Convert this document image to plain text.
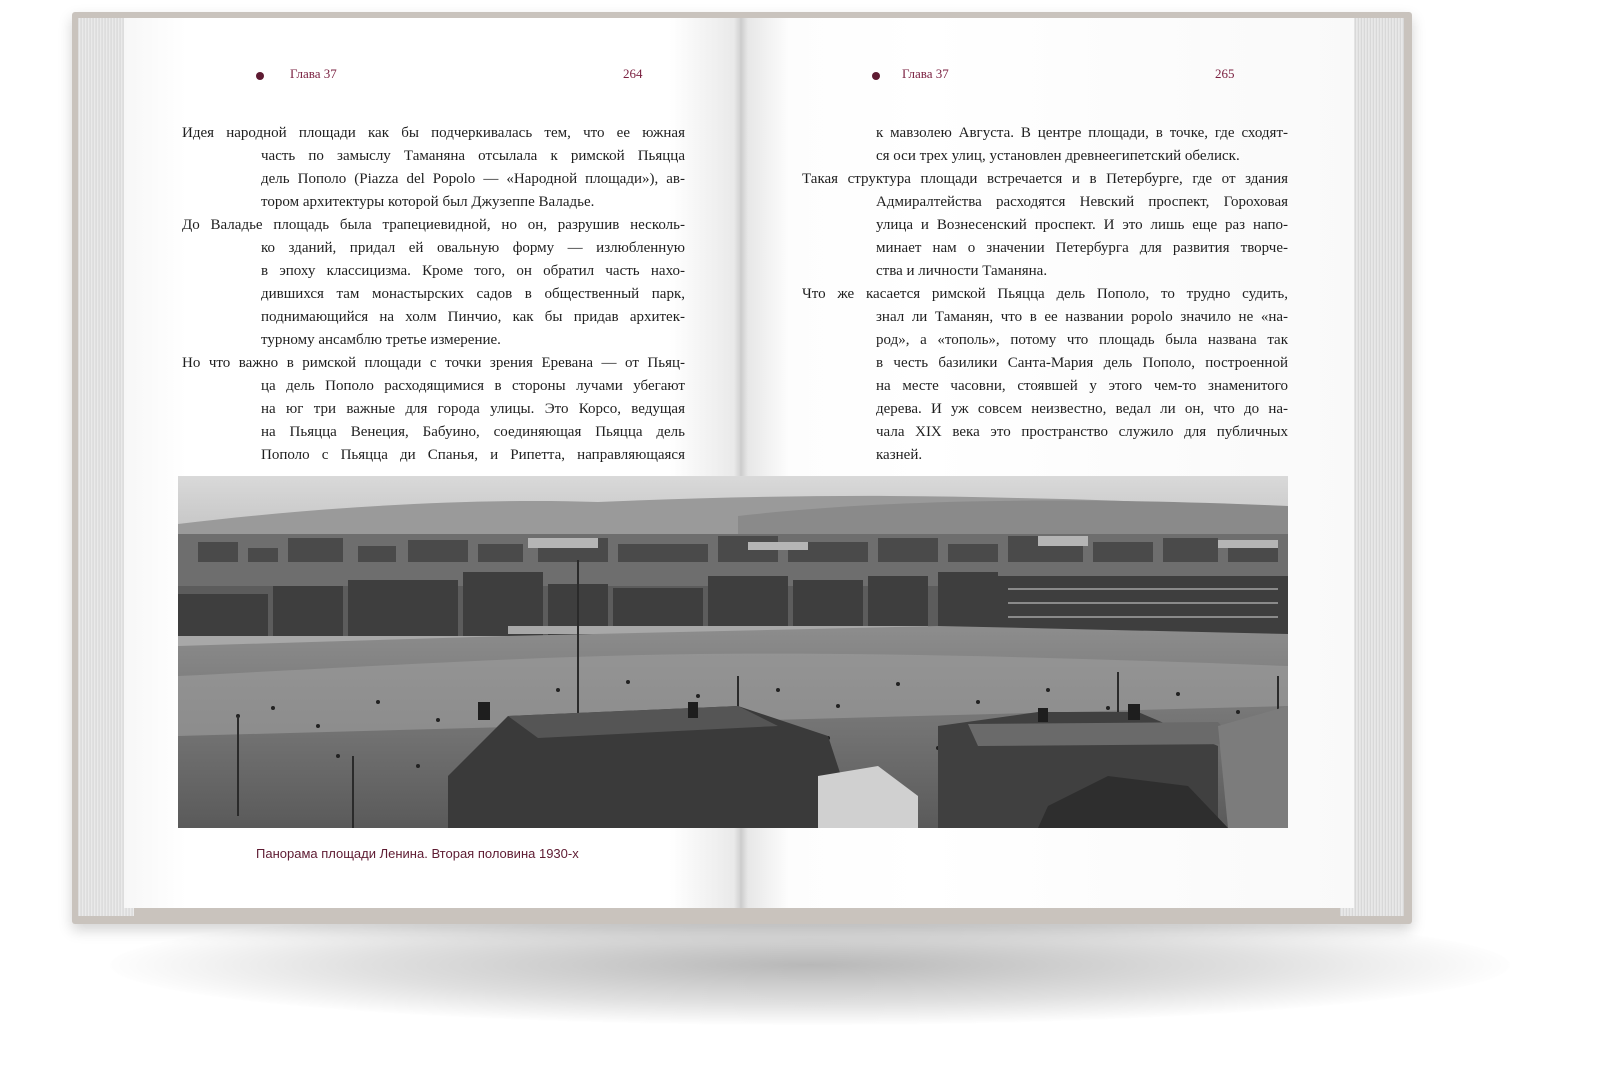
Глава 37	264
Идея народной площади как бы подчеркивалась тем, что ее южная
часть по замыслу Таманяна отсылала к римской Пьяцца
дель Пополо (Piazza del Popolo — «Народной площади»), ав-
тором архитектуры которой был Джузеппе Валадье.
До Валадье площадь была трапециевидной, но он, разрушив несколь-
ко зданий, придал ей овальную форму — излюбленную
в эпоху классицизма. Кроме того, он обратил часть нахо-
дившихся там монастырских садов в общественный парк,
поднимающийся на холм Пинчио, как бы придав архитек-
турному ансамблю третье измерение.
Но что важно в римской площади с точки зрения Еревана — от Пьяц-
ца дель Пополо расходящимися в стороны лучами убегают
на юг три важные для города улицы. Это Корсо, ведущая
на Пьяцца Венеция, Бабуино, соединяющая Пьяцца дель
Пополо с Пьяцца ди Спанья, и Рипетта, направляющаяся
Глава 37	265
к мавзолею Августа. В центре площади, в точке, где сходят-
ся оси трех улиц, установлен древнеегипетский обелиск.
Такая структура площади встречается и в Петербурге, где от здания
Адмиралтейства расходятся Невский проспект, Гороховая
улица и Вознесенский проспект. И это лишь еще раз напо-
минает нам о значении Петербурга для развития творче-
ства и личности Таманяна.
Что же касается римской Пьяцца дель Пополо, то трудно судить,
знал ли Таманян, что в ее названии popolo значило не «на-
род», а «тополь», потому что площадь была названа так
в честь базилики Санта-Мария дель Пополо, построенной
на месте часовни, стоявшей у этого чем-то знаменитого
дерева. И уж совсем неизвестно, ведал ли он, что до на-
чала XIX века это пространство служило для публичных
казней.
Панорама площади Ленина. Вторая половина 1930-х
